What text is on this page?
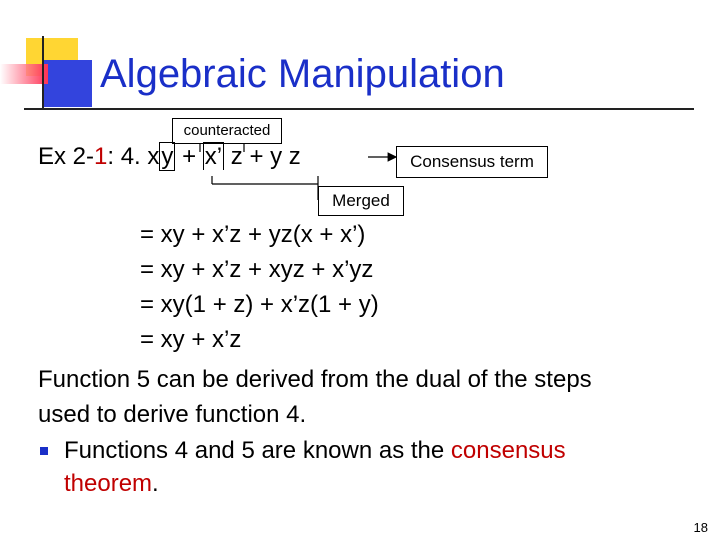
Algebraic Manipulation
counteracted
Ex 2-1: 4. xy + x’ z + y z	Consensus term
Merged
= xy + x’z + yz(x + x’)
= xy + x’z + xyz + x’yz
= xy(1 + z) + x’z(1 + y)
= xy + x’z
Function 5 can be derived from the dual of the steps
used to derive function 4.
Functions 4 and 5 are known as the consensus
theorem.
18
